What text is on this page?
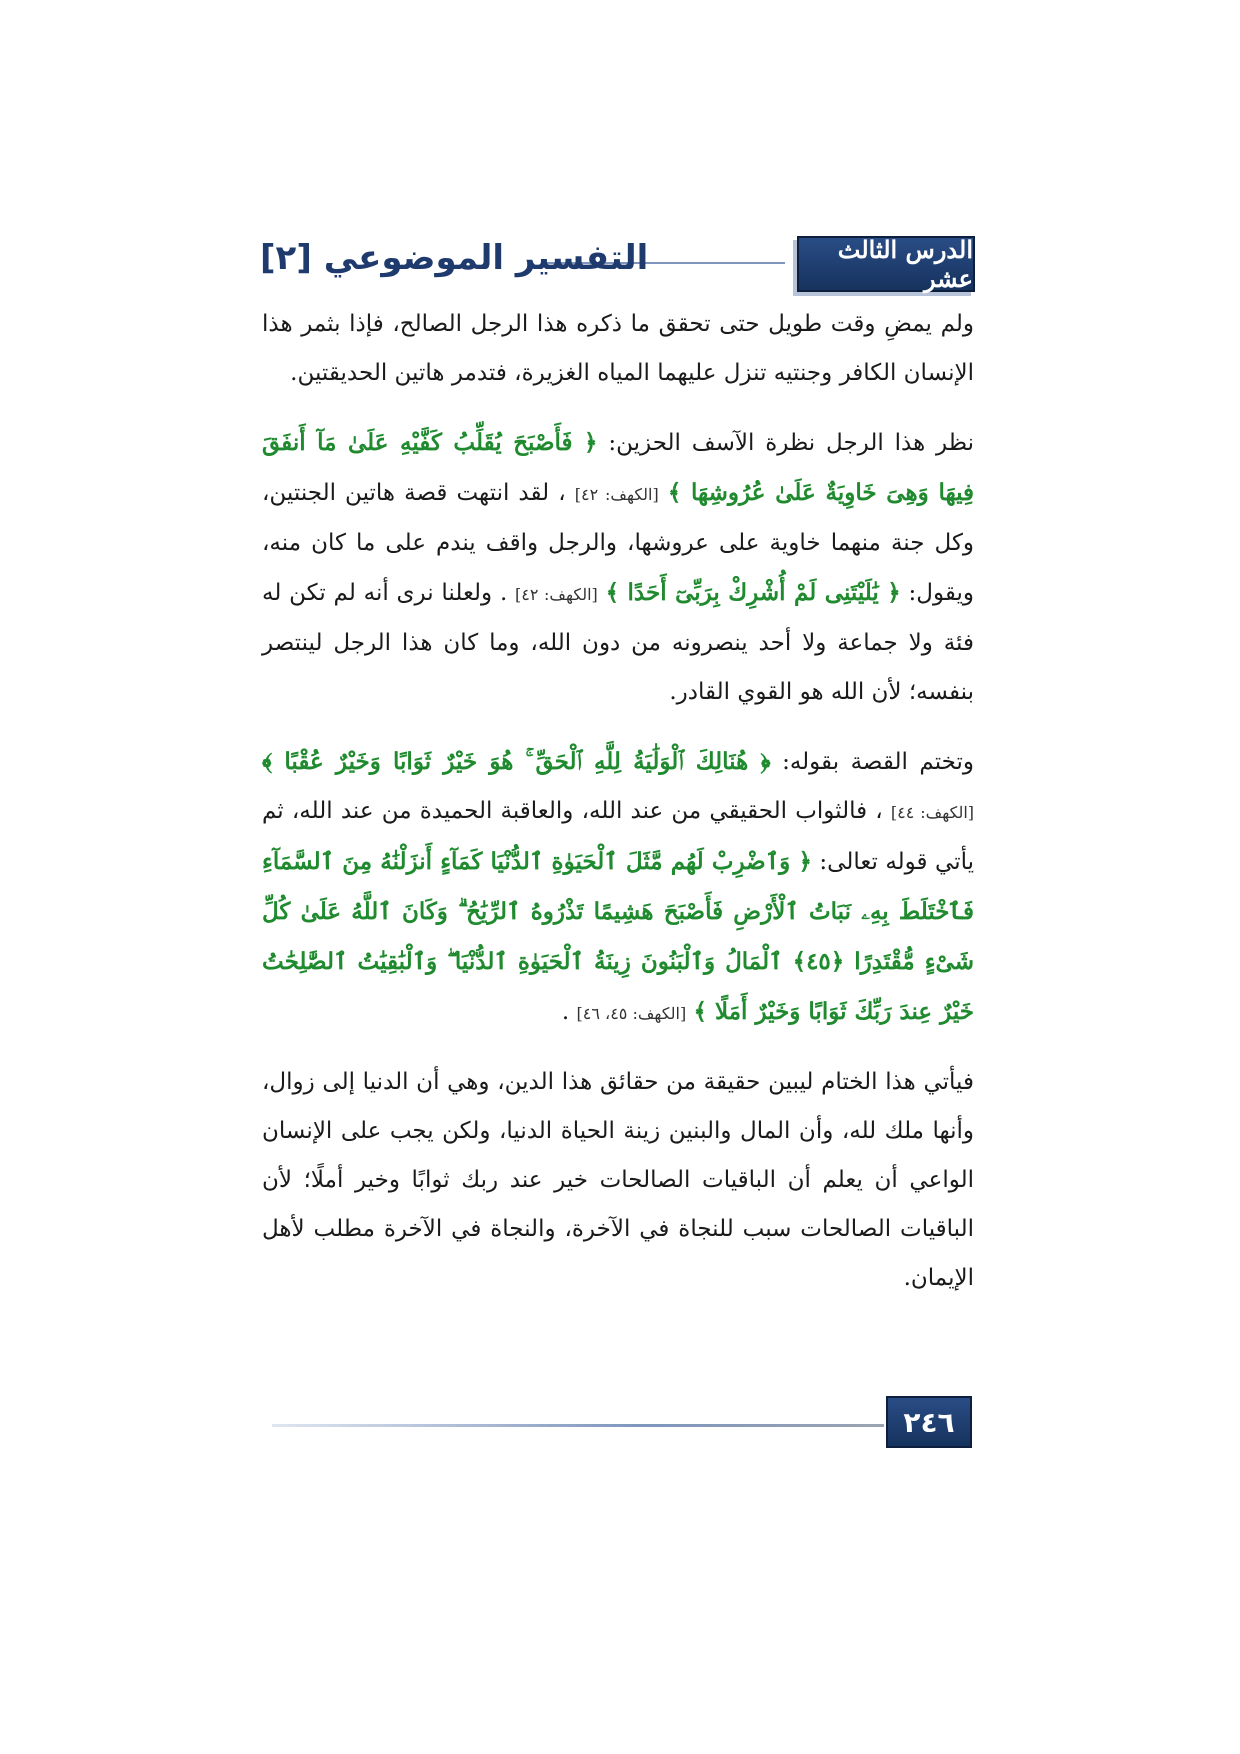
الدرس الثالث عشر
التفسير الموضوعي [٢]

ولم يمضِ وقت طويل حتى تحقق ما ذكره هذا الرجل الصالح، فإذا بثمر هذا الإنسان الكافر وجنتيه تنزل عليهما المياه الغزيرة، فتدمر هاتين الحديقتين.

نظر هذا الرجل نظرة الآسف الحزين: ﴿ فَأَصْبَحَ يُقَلِّبُ كَفَّيْهِ عَلَىٰ مَآ أَنفَقَ فِيهَا وَهِىَ خَاوِيَةٌ عَلَىٰ عُرُوشِهَا ﴾ [الكهف: ٤٢] ، لقد انتهت قصة هاتين الجنتين، وكل جنة منهما خاوية على عروشها، والرجل واقف يندم على ما كان منه، ويقول: ﴿ يَٰلَيْتَنِى لَمْ أُشْرِكْ بِرَبِّىٓ أَحَدًا ﴾ [الكهف: ٤٢] . ولعلنا نرى أنه لم تكن له فئة ولا جماعة ولا أحد ينصرونه من دون الله، وما كان هذا الرجل لينتصر بنفسه؛ لأن الله هو القوي القادر.

وتختم القصة بقوله: ﴿ هُنَالِكَ ٱلْوَلَٰيَةُ لِلَّهِ ٱلْحَقِّ ۚ هُوَ خَيْرٌ ثَوَابًا وَخَيْرٌ عُقْبًا ﴾ [الكهف: ٤٤] ، فالثواب الحقيقي من عند الله، والعاقبة الحميدة من عند الله، ثم يأتي قوله تعالى: ﴿ وَٱضْرِبْ لَهُم مَّثَلَ ٱلْحَيَوٰةِ ٱلدُّنْيَا كَمَآءٍ أَنزَلْنَٰهُ مِنَ ٱلسَّمَآءِ فَٱخْتَلَطَ بِهِۦ نَبَاتُ ٱلْأَرْضِ فَأَصْبَحَ هَشِيمًا تَذْرُوهُ ٱلرِّيَٰحُ ۗ وَكَانَ ٱللَّهُ عَلَىٰ كُلِّ شَىْءٍ مُّقْتَدِرًا ﴿٤٥﴾ ٱلْمَالُ وَٱلْبَنُونَ زِينَةُ ٱلْحَيَوٰةِ ٱلدُّنْيَا ۖ وَٱلْبَٰقِيَٰتُ ٱلصَّٰلِحَٰتُ خَيْرٌ عِندَ رَبِّكَ ثَوَابًا وَخَيْرٌ أَمَلًا ﴾ [الكهف: ٤٥، ٤٦] .

فيأتي هذا الختام ليبين حقيقة من حقائق هذا الدين، وهي أن الدنيا إلى زوال، وأنها ملك لله، وأن المال والبنين زينة الحياة الدنيا، ولكن يجب على الإنسان الواعي أن يعلم أن الباقيات الصالحات خير عند ربك ثوابًا وخير أملًا؛ لأن الباقيات الصالحات سبب للنجاة في الآخرة، والنجاة في الآخرة مطلب لأهل الإيمان.

٢٤٦
